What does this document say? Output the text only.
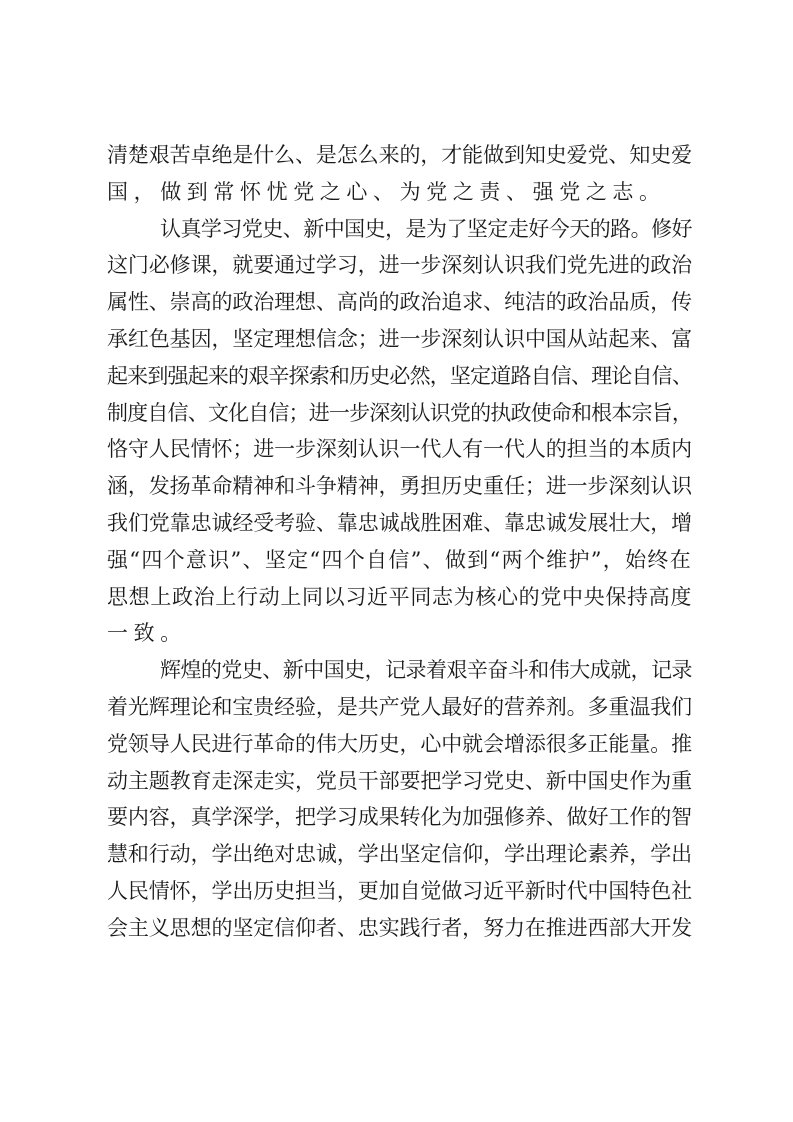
清楚艰苦卓绝是什么、是怎么来的，才能做到知史爱党、知史爱
国，做到常怀忧党之心、为党之责、强党之志。
认真学习党史、新中国史，是为了坚定走好今天的路。修好
这门必修课，就要通过学习，进一步深刻认识我们党先进的政治
属性、崇高的政治理想、高尚的政治追求、纯洁的政治品质，传
承红色基因，坚定理想信念；进一步深刻认识中国从站起来、富
起来到强起来的艰辛探索和历史必然，坚定道路自信、理论自信、
制度自信、文化自信；进一步深刻认识党的执政使命和根本宗旨，
恪守人民情怀；进一步深刻认识一代人有一代人的担当的本质内
涵，发扬革命精神和斗争精神，勇担历史重任；进一步深刻认识
我们党靠忠诚经受考验、靠忠诚战胜困难、靠忠诚发展壮大，增
强“四个意识”、坚定“四个自信”、做到“两个维护”，始终在
思想上政治上行动上同以习近平同志为核心的党中央保持高度
一致。
辉煌的党史、新中国史，记录着艰辛奋斗和伟大成就，记录
着光辉理论和宝贵经验，是共产党人最好的营养剂。多重温我们
党领导人民进行革命的伟大历史，心中就会增添很多正能量。推
动主题教育走深走实，党员干部要把学习党史、新中国史作为重
要内容，真学深学，把学习成果转化为加强修养、做好工作的智
慧和行动，学出绝对忠诚，学出坚定信仰，学出理论素养，学出
人民情怀，学出历史担当，更加自觉做习近平新时代中国特色社
会主义思想的坚定信仰者、忠实践行者，努力在推进西部大开发
